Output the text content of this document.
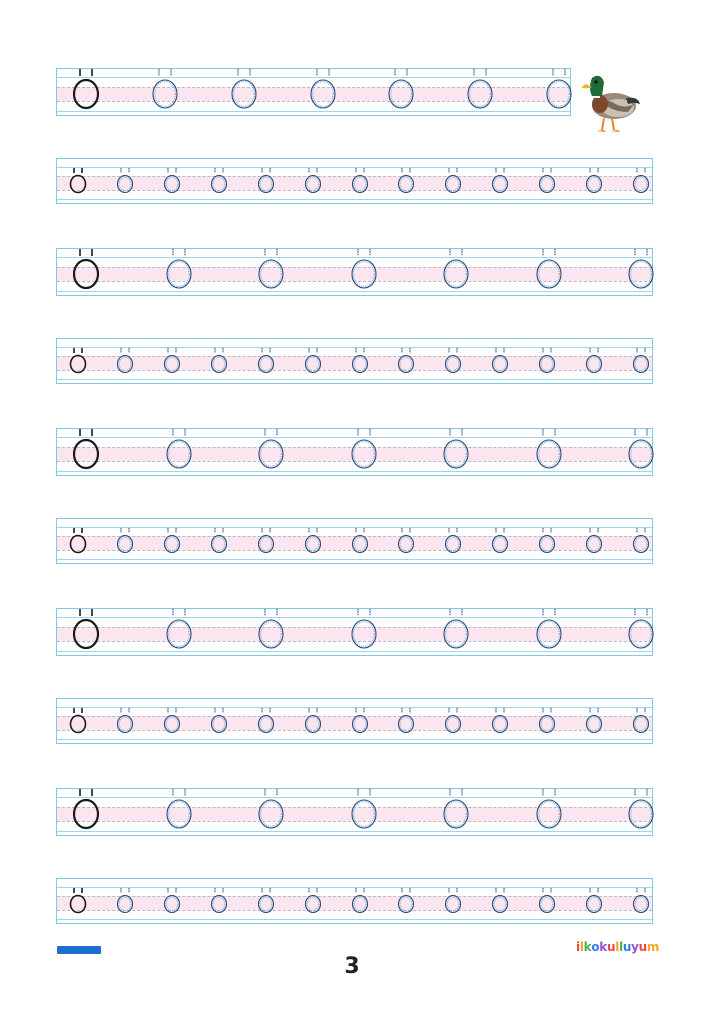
3
ilkokulluyum
